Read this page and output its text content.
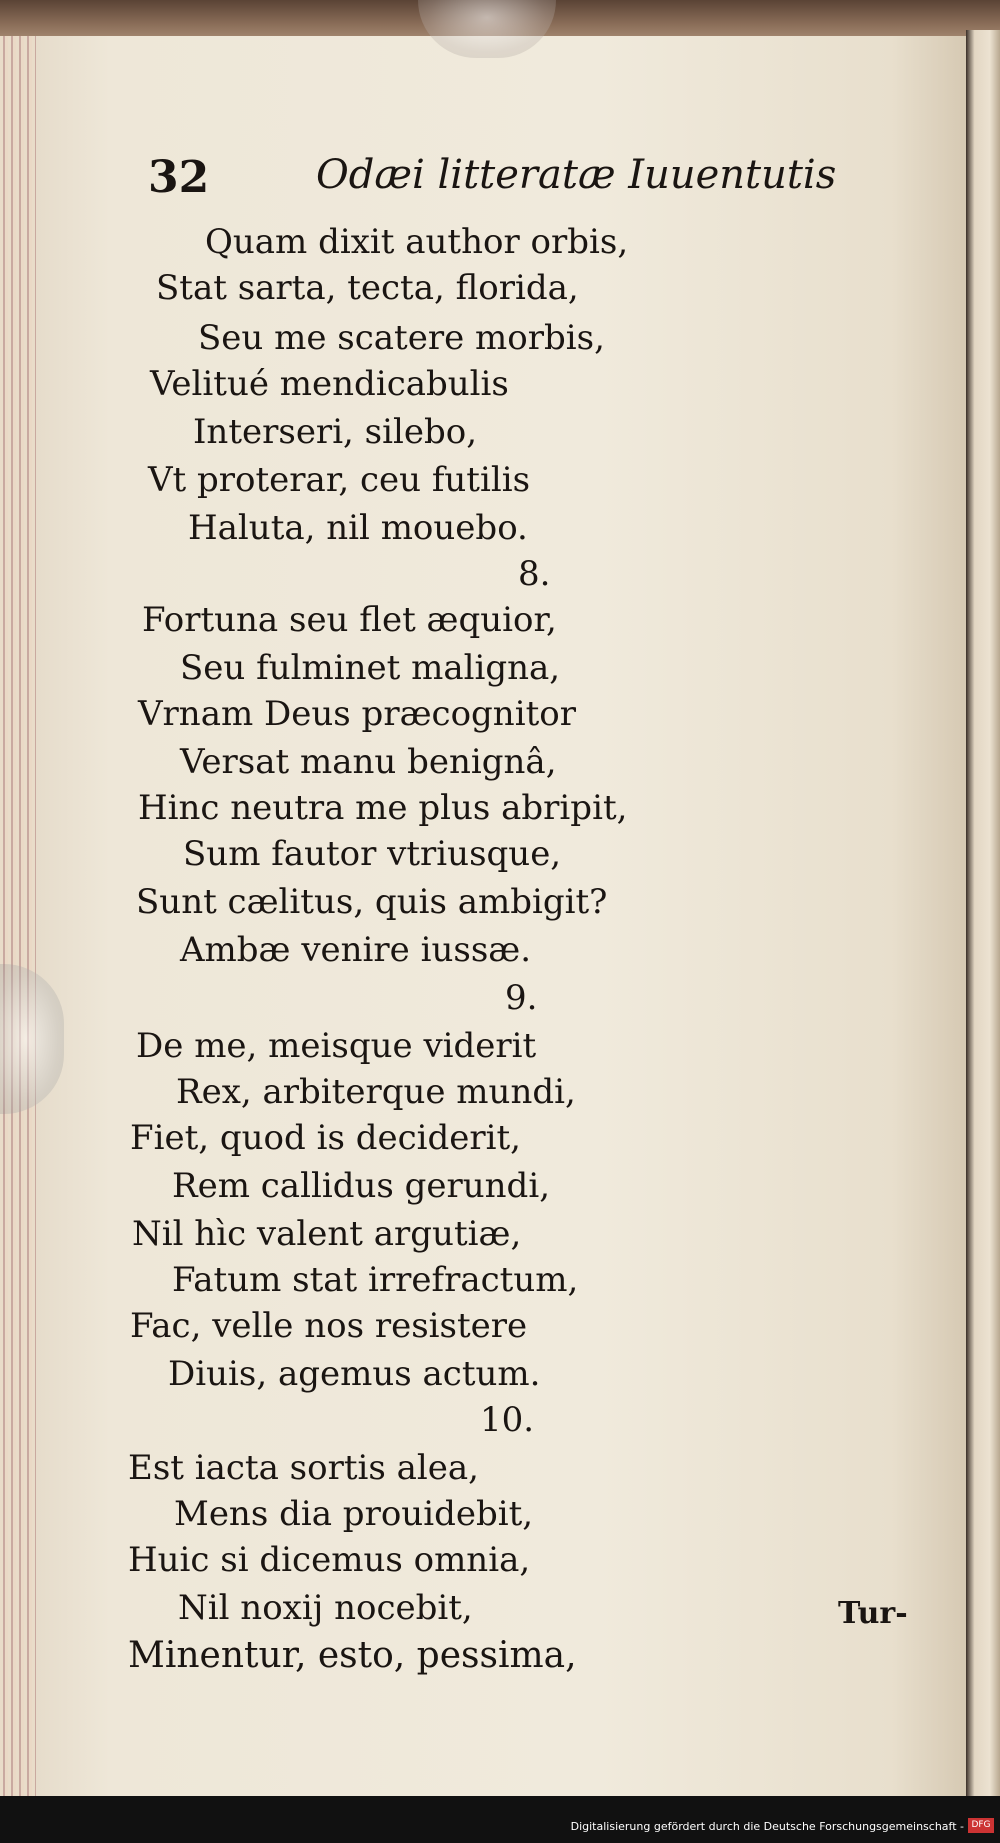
32	Odæi litteratæ Iuuentutis
Quam dixit author orbis,
Stat sarta, tecta, florida,
Seu me scatere morbis,
Velitué mendicabulis
Interseri, silebo,
Vt proterar, ceu futilis
Haluta, nil mouebo.
8.
Fortuna seu flet æquior,
Seu fulminet maligna,
Vrnam Deus præcognitor
Versat manu benignâ,
Hinc neutra me plus abripit,
Sum fautor vtriusque,
Sunt cælitus, quis ambigit?
Ambæ venire iussæ.
9.
De me, meisque viderit
Rex, arbiterque mundi,
Fiet, quod is deciderit,
Rem callidus gerundi,
Nil hìc valent argutiæ,
Fatum stat irrefractum,
Fac, velle nos resistere
Diuis, agemus actum.
10.
Est iacta sortis alea,
Mens dia prouidebit,
Huic si dicemus omnia,
Nil noxij nocebit,
Minentur, esto, pessima,
Tur-
Digitalisierung gefördert durch die Deutsche Forschungsgemeinschaft - DFG
